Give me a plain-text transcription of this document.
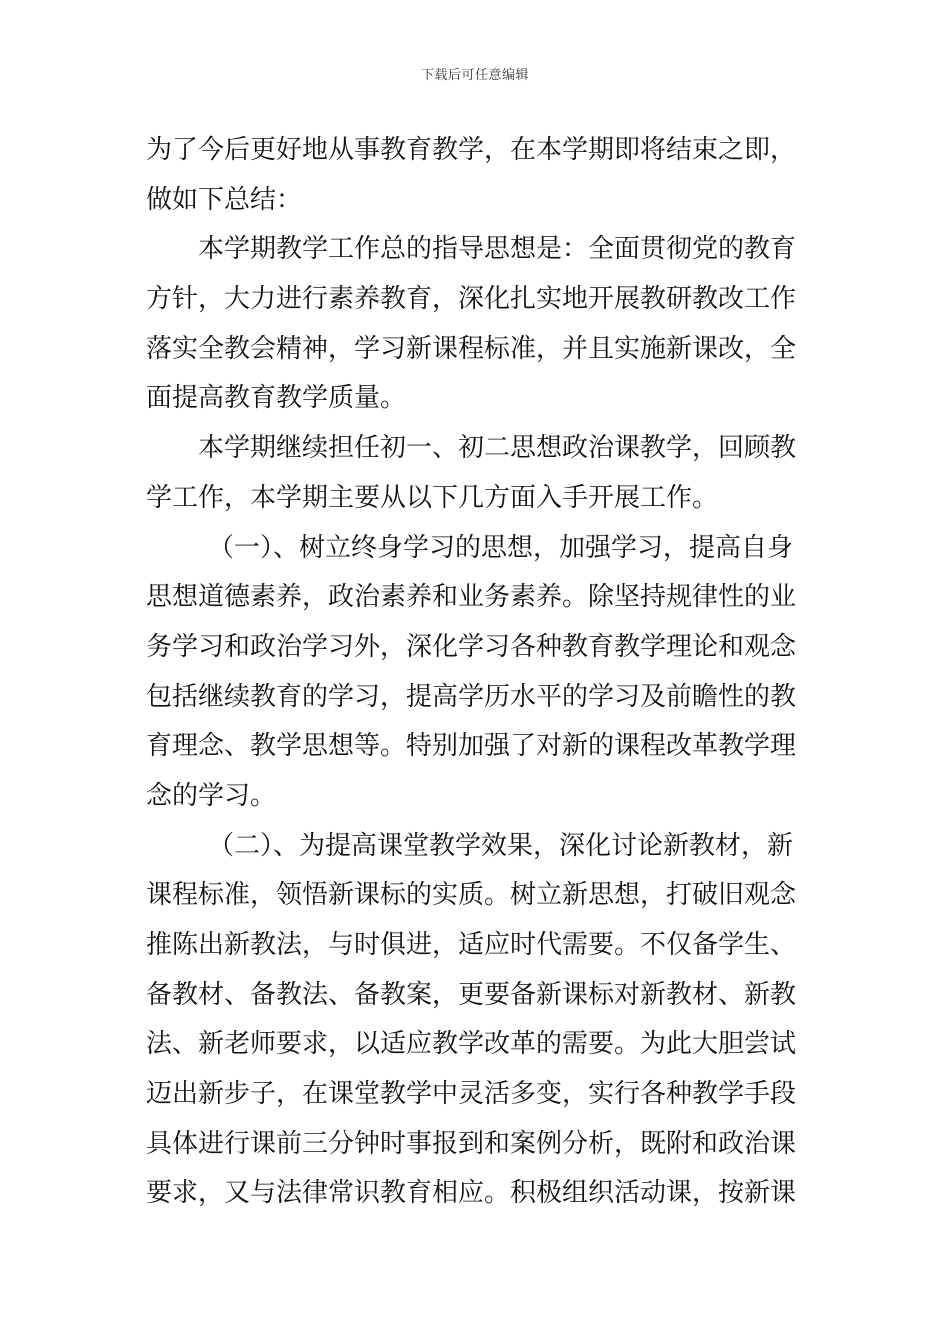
下载后可任意编辑
为了今后更好地从事教育教学，在本学期即将结束之即，
做如下总结：
本学期教学工作总的指导思想是：全面贯彻党的教育
方针，大力进行素养教育，深化扎实地开展教研教改工作
落实全教会精神，学习新课程标准，并且实施新课改，全
面提高教育教学质量。
本学期继续担任初一、初二思想政治课教学，回顾教
学工作，本学期主要从以下几方面入手开展工作。
（一）、树立终身学习的思想，加强学习，提高自身
思想道德素养，政治素养和业务素养。除坚持规律性的业
务学习和政治学习外，深化学习各种教育教学理论和观念
包括继续教育的学习，提高学历水平的学习及前瞻性的教
育理念、教学思想等。特别加强了对新的课程改革教学理
念的学习。
（二）、为提高课堂教学效果，深化讨论新教材，新
课程标准，领悟新课标的实质。树立新思想，打破旧观念
推陈出新教法，与时俱进，适应时代需要。不仅备学生、
备教材、备教法、备教案，更要备新课标对新教材、新教
法、新老师要求，以适应教学改革的需要。为此大胆尝试
迈出新步子，在课堂教学中灵活多变，实行各种教学手段
具体进行课前三分钟时事报到和案例分析，既附和政治课
要求，又与法律常识教育相应。积极组织活动课，按新课
